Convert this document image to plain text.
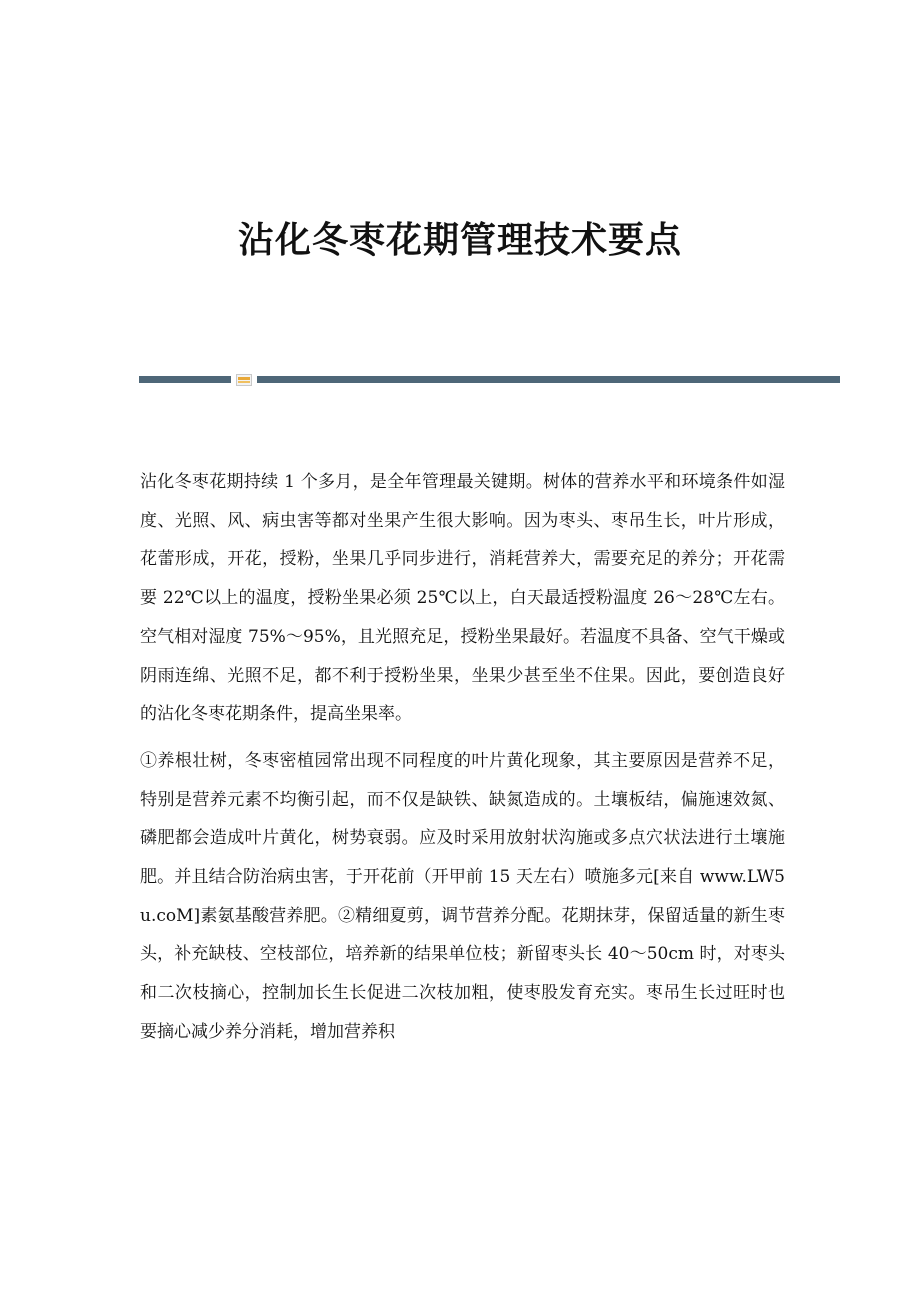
沾化冬枣花期管理技术要点

沾化冬枣花期持续 1 个多月，是全年管理最关键期。树体的营养水平和环境条件如湿度、光照、风、病虫害等都对坐果产生很大影响。因为枣头、枣吊生长，叶片形成，花蕾形成，开花，授粉，坐果几乎同步进行，消耗营养大，需要充足的养分；开花需要 22℃以上的温度，授粉坐果必须 25℃以上，白天最适授粉温度 26～28℃左右。空气相对湿度 75%～95%，且光照充足，授粉坐果最好。若温度不具备、空气干燥或阴雨连绵、光照不足，都不利于授粉坐果，坐果少甚至坐不住果。因此，要创造良好的沾化冬枣花期条件，提高坐果率。

①养根壮树，冬枣密植园常出现不同程度的叶片黄化现象，其主要原因是营养不足，特别是营养元素不均衡引起，而不仅是缺铁、缺氮造成的。土壤板结，偏施速效氮、磷肥都会造成叶片黄化，树势衰弱。应及时采用放射状沟施或多点穴状法进行土壤施肥。并且结合防治病虫害，于开花前（开甲前 15 天左右）喷施多元[来自 www.LW5u.coM]素氨基酸营养肥。②精细夏剪，调节营养分配。花期抹芽，保留适量的新生枣头，补充缺枝、空枝部位，培养新的结果单位枝；新留枣头长 40～50cm 时，对枣头和二次枝摘心，控制加长生长促进二次枝加粗，使枣股发育充实。枣吊生长过旺时也要摘心减少养分消耗，增加营养积
